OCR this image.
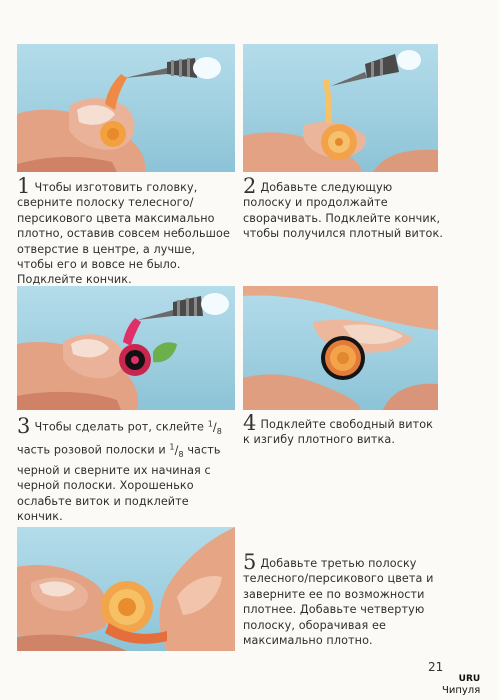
1 Чтобы изготовить головку, сверните полоску телесного/персикового цвета максимально плотно, оставив совсем небольшое отверстие в центре, а лучше, чтобы его и вовсе не было. Подклейте кончик.
2 Добавьте следующую полоску и продолжайте сворачивать. Подклейте кончик, чтобы получился плотный виток.
3 Чтобы сделать рот, склейте $^1/_8$ часть розовой полоски и $^1/_8$ часть черной и сверните их начиная с черной полоски. Хорошенько ослабьте виток и подклейте кончик.
4 Подклейте свободный виток к изгибу плотного витка.
5 Добавьте третью полоску телесного/персикового цвета и заверните ее по возможности плотнее. Добавьте четвертую полоску, оборачивая ее максимально плотно.
21
URU
Чипуля
